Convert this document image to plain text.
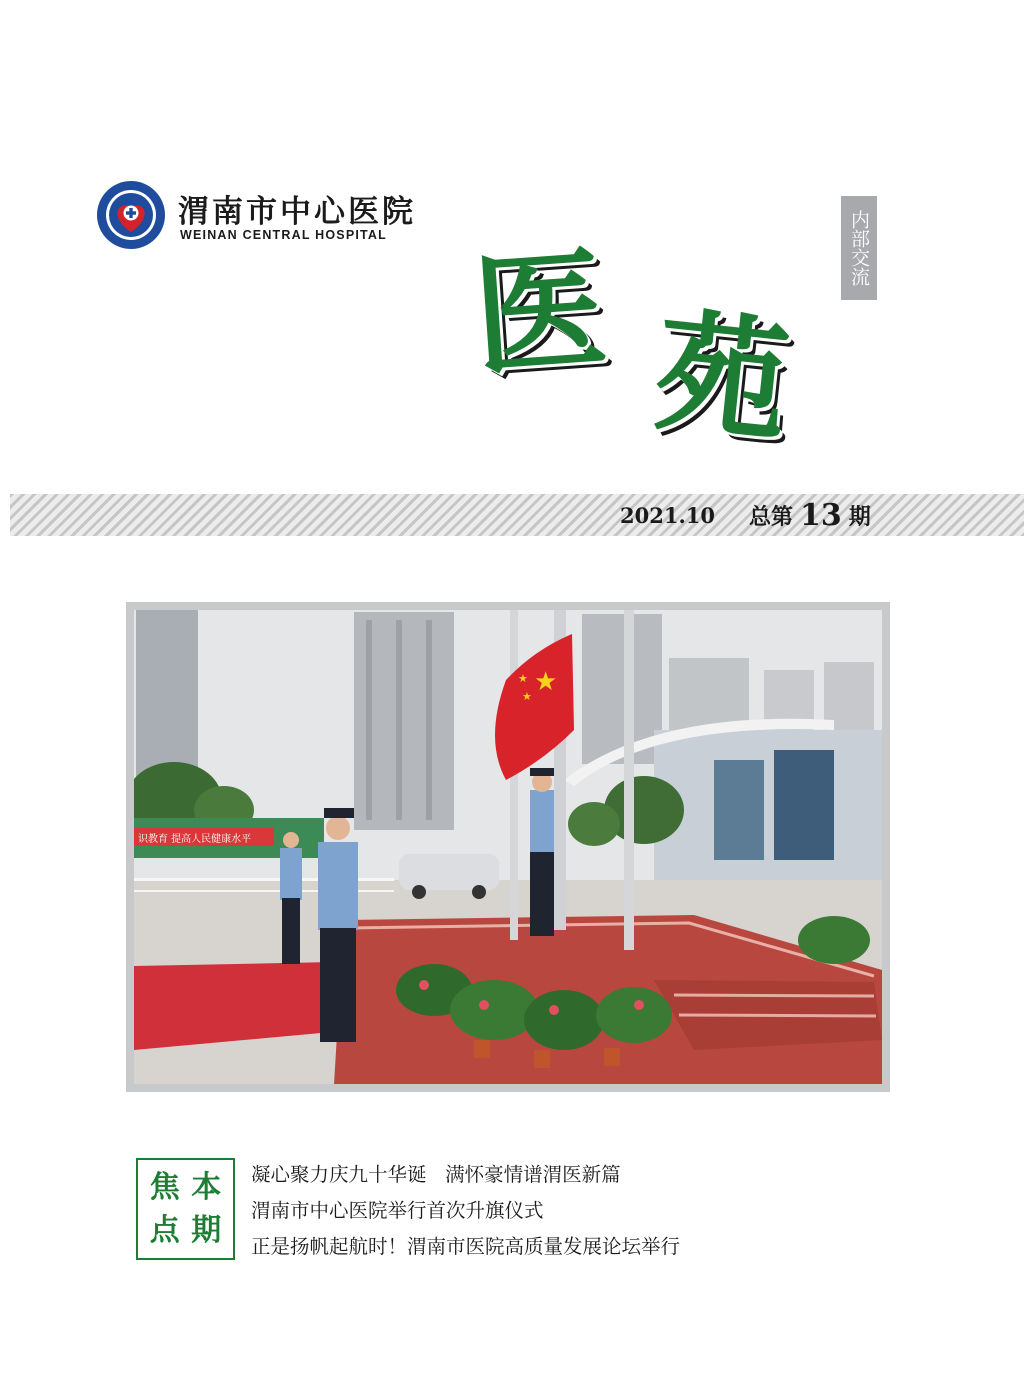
渭南市中心医院
WEINAN CENTRAL HOSPITAL 医 苑
内部交流
2021.10 总第 13 期
识教育 提高人民健康水平
★
★
★
焦 本
点 期
凝心聚力庆九十华诞   满怀豪情谱渭医新篇
渭南市中心医院举行首次升旗仪式
正是扬帆起航时！渭南市医院高质量发展论坛举行
